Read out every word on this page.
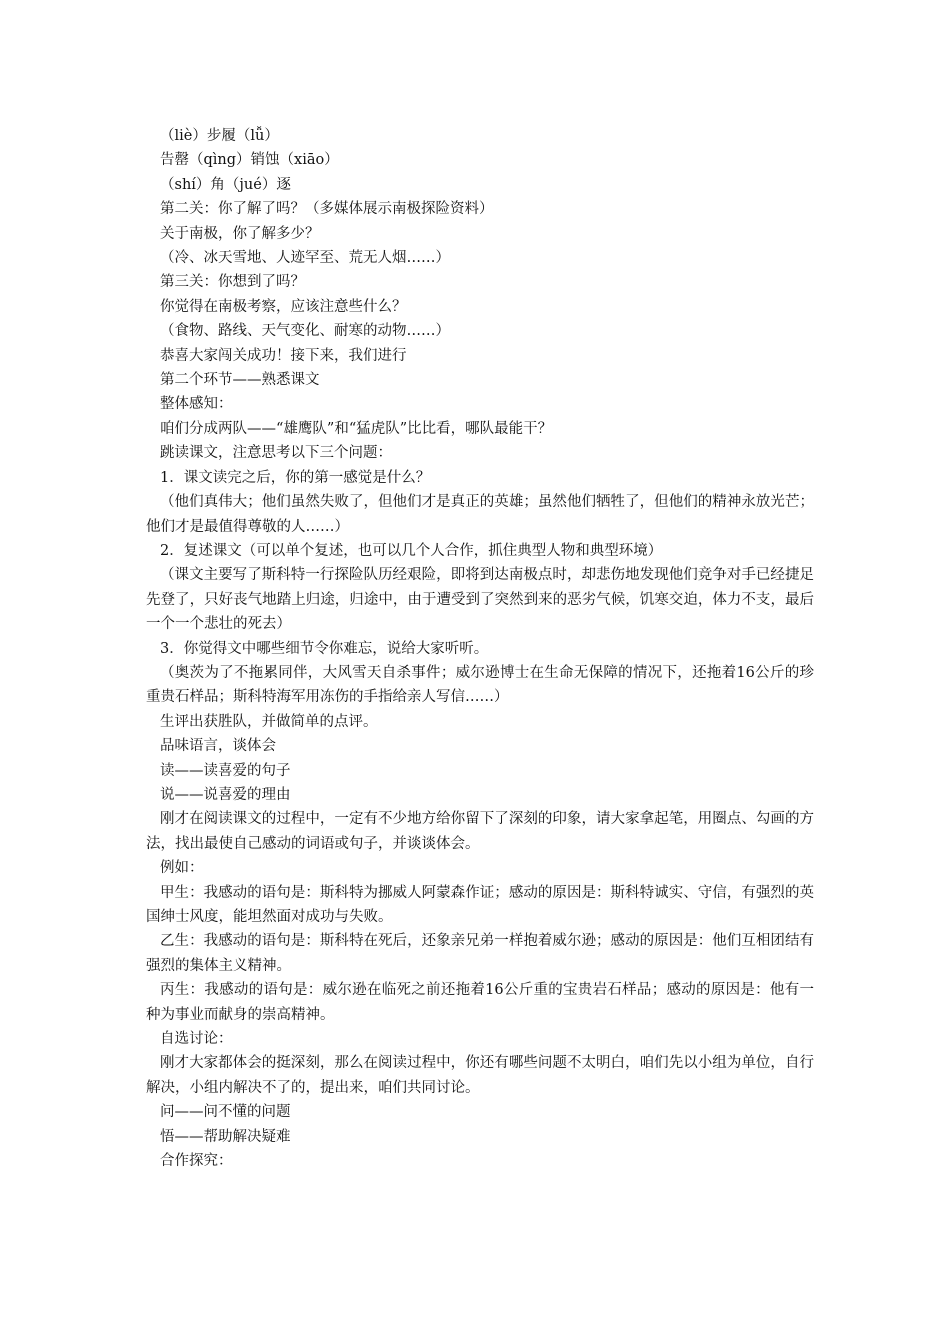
（liè）步履（lǚ）

告罄（qìng）销蚀（xiāo）

（shí）角（jué）逐

第二关：你了解了吗？（多媒体展示南极探险资料）

关于南极，你了解多少？

（冷、冰天雪地、人迹罕至、荒无人烟……）

第三关：你想到了吗？

你觉得在南极考察，应该注意些什么？

（食物、路线、天气变化、耐寒的动物……）

恭喜大家闯关成功！接下来，我们进行

第二个环节——熟悉课文

整体感知：

咱们分成两队——“雄鹰队”和“猛虎队”比比看，哪队最能干？

跳读课文，注意思考以下三个问题：

1．课文读完之后，你的第一感觉是什么？

（他们真伟大；他们虽然失败了，但他们才是真正的英雄；虽然他们牺牲了，但他们的精神永放光芒；他们才是最值得尊敬的人……）

2．复述课文（可以单个复述，也可以几个人合作，抓住典型人物和典型环境）

（课文主要写了斯科特一行探险队历经艰险，即将到达南极点时，却悲伤地发现他们竞争对手已经捷足先登了，只好丧气地踏上归途，归途中，由于遭受到了突然到来的恶劣气候，饥寒交迫，体力不支，最后一个一个悲壮的死去）

3．你觉得文中哪些细节令你难忘，说给大家听听。

（奥茨为了不拖累同伴，大风雪天自杀事件；威尔逊博士在生命无保障的情况下，还拖着16公斤的珍重贵石样品；斯科特海军用冻伤的手指给亲人写信……）

生评出获胜队，并做简单的点评。

品味语言，谈体会

读——读喜爱的句子

说——说喜爱的理由

刚才在阅读课文的过程中，一定有不少地方给你留下了深刻的印象，请大家拿起笔，用圈点、勾画的方法，找出最使自己感动的词语或句子，并谈谈体会。

例如：

甲生：我感动的语句是：斯科特为挪威人阿蒙森作证；感动的原因是：斯科特诚实、守信，有强烈的英国绅士风度，能坦然面对成功与失败。

乙生：我感动的语句是：斯科特在死后，还象亲兄弟一样抱着威尔逊；感动的原因是：他们互相团结有强烈的集体主义精神。

丙生：我感动的语句是：威尔逊在临死之前还拖着16公斤重的宝贵岩石样品；感动的原因是：他有一种为事业而献身的崇高精神。

自选讨论：

刚才大家都体会的挺深刻，那么在阅读过程中，你还有哪些问题不太明白，咱们先以小组为单位，自行解决，小组内解决不了的，提出来，咱们共同讨论。

问——问不懂的问题

悟——帮助解决疑难

合作探究：
